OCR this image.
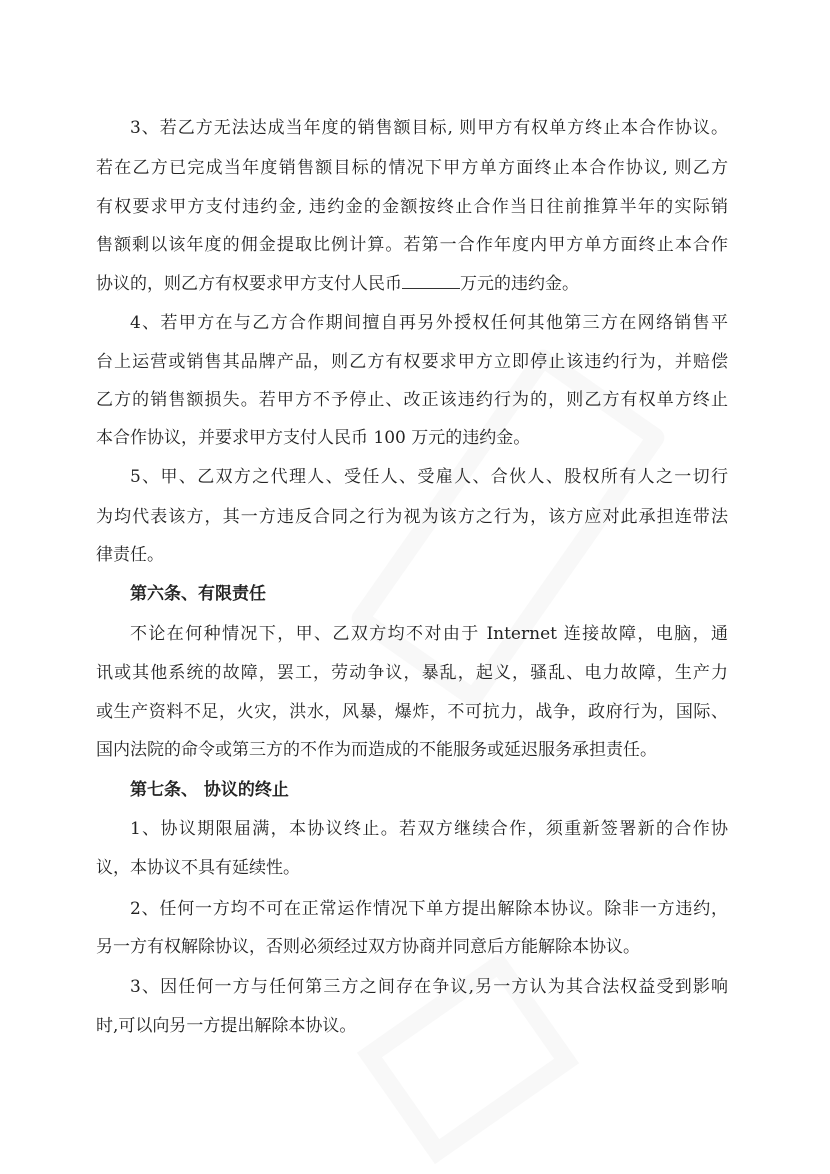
3、若乙方无法达成当年度的销售额目标, 则甲方有权单方终止本合作协议。
若在乙方已完成当年度销售额目标的情况下甲方单方面终止本合作协议, 则乙方
有权要求甲方支付违约金, 违约金的金额按终止合作当日往前推算半年的实际销
售额剩以该年度的佣金提取比例计算。若第一合作年度内甲方单方面终止本合作
协议的，则乙方有权要求甲方支付人民币	万元的违约金。
4、若甲方在与乙方合作期间擅自再另外授权任何其他第三方在网络销售平
台上运营或销售其品牌产品，则乙方有权要求甲方立即停止该违约行为，并赔偿
乙方的销售额损失。若甲方不予停止、改正该违约行为的，则乙方有权单方终止
本合作协议，并要求甲方支付人民币 100 万元的违约金。
5、甲、乙双方之代理人、受任人、受雇人、合伙人、股权所有人之一切行
为均代表该方，其一方违反合同之行为视为该方之行为，该方应对此承担连带法
律责任。
第六条、有限责任
不论在何种情况下，甲、乙双方均不对由于 Internet 连接故障，电脑，通
讯或其他系统的故障，罢工，劳动争议，暴乱，起义，骚乱、电力故障，生产力
或生产资料不足，火灾，洪水，风暴，爆炸，不可抗力，战争，政府行为，国际、
国内法院的命令或第三方的不作为而造成的不能服务或延迟服务承担责任。
第七条、 协议的终止
1、协议期限届满，本协议终止。若双方继续合作，须重新签署新的合作协
议，本协议不具有延续性。
2、任何一方均不可在正常运作情况下单方提出解除本协议。除非一方违约，
另一方有权解除协议，否则必须经过双方协商并同意后方能解除本协议。
3、因任何一方与任何第三方之间存在争议,另一方认为其合法权益受到影响
时,可以向另一方提出解除本协议。
